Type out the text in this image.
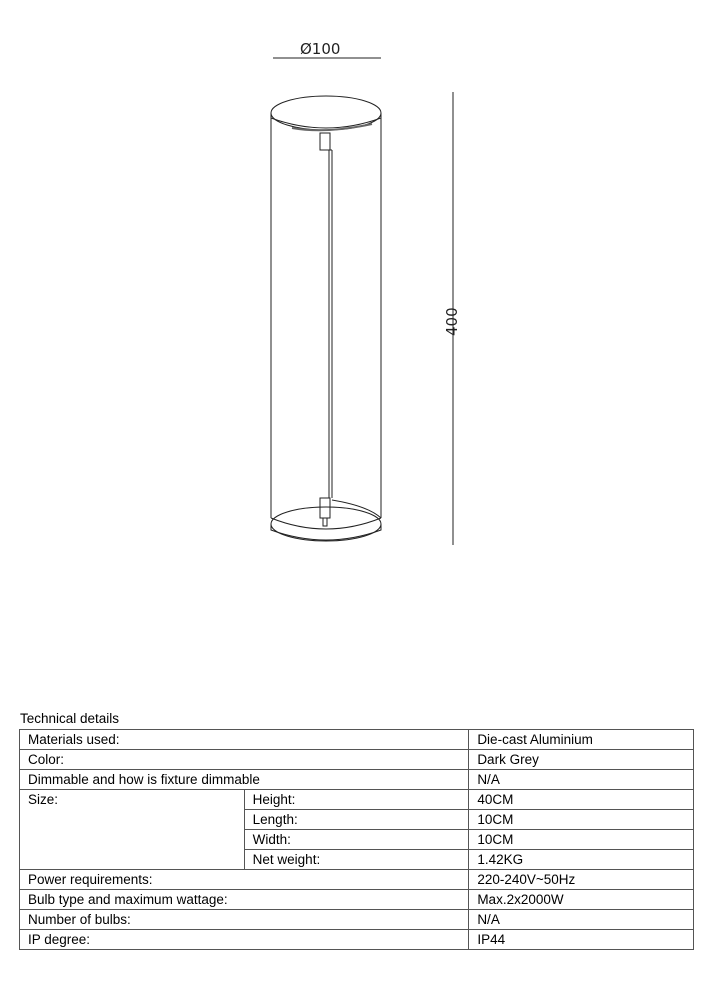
Ø100
400
Technical details
Materials used:		Die-cast Aluminium
Color:		Dark Grey
Dimmable and how is fixture dimmable		N/A
Size:	Height:	40CM
	Length:	10CM
	Width:	10CM
	Net weight:	1.42KG
Power requirements:		220-240V~50Hz
Bulb type and maximum wattage:		Max.2x2000W
Number of bulbs:		N/A
IP degree:		IP44
